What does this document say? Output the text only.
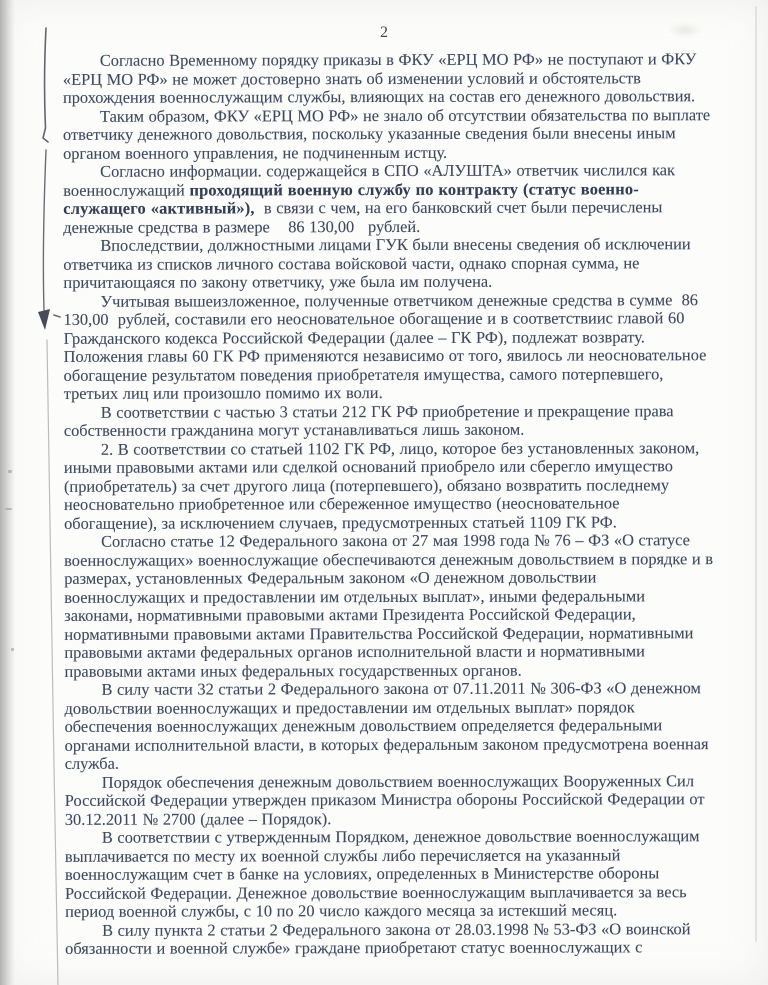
2

Согласно Временному порядку приказы в ФКУ «ЕРЦ МО РФ» не поступают и ФКУ «ЕРЦ МО РФ» не может достоверно знать об изменении условий и обстоятельств прохождения военнослужащим службы, влияющих на состав его денежного довольствия.

Таким образом, ФКУ «ЕРЦ МО РФ» не знало об отсутствии обязательства по выплате ответчику денежного довольствия, поскольку указанные сведения были внесены иным органом военного управления, не подчиненным истцу.

Согласно информации. содержащейся в СПО «АЛУШТА» ответчик числился как военнослужащий проходящий военную службу по контракту (статус военно-служащего «активный»),  в связи с чем, на его банковский счет были перечислены денежные средства в размере    86 130,00   рублей.

Впоследствии, должностными лицами ГУК были внесены сведения об исключении ответчика из списков личного состава войсковой части, однако спорная сумма, не причитающаяся по закону ответчику, уже была им получена.

Учитывая вышеизложенное, полученные ответчиком денежные средства в сумме  86 130,00  рублей, составили его неосновательное обогащение и в соответствиис главой 60 Гражданского кодекса Российской Федерации (далее – ГК РФ), подлежат возврату. Положения главы 60 ГК РФ применяются независимо от того, явилось ли неосновательное обогащение результатом поведения приобретателя имущества, самого потерпевшего, третьих лиц или произошло помимо их воли.

В соответствии с частью 3 статьи 212 ГК РФ приобретение и прекращение права собственности гражданина могут устанавливаться лишь законом.

2. В соответствии со статьей 1102 ГК РФ, лицо, которое без установленных законом, иными правовыми актами или сделкой оснований приобрело или сберегло имущество (приобретатель) за счет другого лица (потерпевшего), обязано возвратить последнему неосновательно приобретенное или сбереженное имущество (неосновательное обогащение), за исключением случаев, предусмотренных статьей 1109 ГК РФ.

Согласно статье 12 Федерального закона от 27 мая 1998 года № 76 – ФЗ «О статусе военнослужащих» военнослужащие обеспечиваются денежным довольствием в порядке и в размерах, установленных Федеральным законом «О денежном довольствии военнослужащих и предоставлении им отдельных выплат», иными федеральными законами, нормативными правовыми актами Президента Российской Федерации, нормативными правовыми актами Правительства Российской Федерации, нормативными правовыми актами федеральных органов исполнительной власти и нормативными правовыми актами иных федеральных государственных органов.

В силу части 32 статьи 2 Федерального закона от 07.11.2011 № 306-ФЗ «О денежном довольствии военнослужащих и предоставлении им отдельных выплат» порядок обеспечения военнослужащих денежным довольствием определяется федеральными органами исполнительной власти, в которых федеральным законом предусмотрена военная служба.

Порядок обеспечения денежным довольствием военнослужащих Вооруженных Сил Российской Федерации утвержден приказом Министра обороны Российской Федерации от 30.12.2011 № 2700 (далее – Порядок).

В соответствии с утвержденным Порядком, денежное довольствие военнослужащим выплачивается по месту их военной службы либо перечисляется на указанный военнослужащим счет в банке на условиях, определенных в Министерстве обороны Российской Федерации. Денежное довольствие военнослужащим выплачивается за весь период военной службы, с 10 по 20 число каждого месяца за истекший месяц.

В силу пункта 2 статьи 2 Федерального закона от 28.03.1998 № 53-ФЗ «О воинской обязанности и военной службе» граждане приобретают статус военнослужащих с
